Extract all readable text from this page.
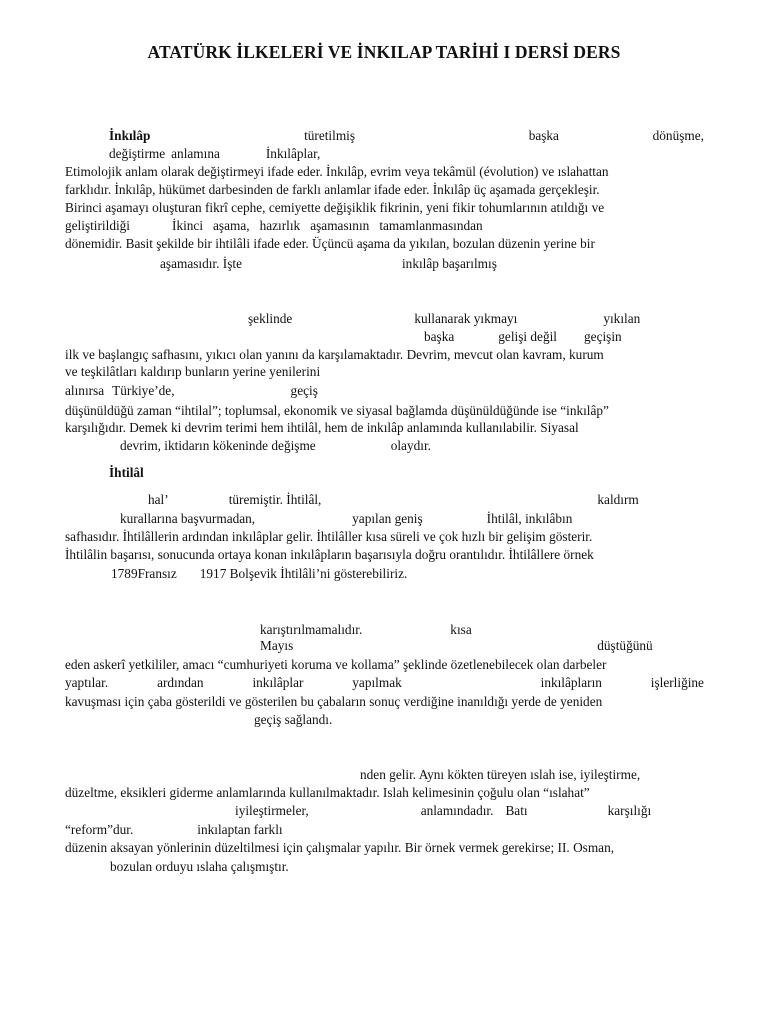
ATATÜRK İLKELERİ VE İNKILAP TARİHİ I DERSİ DERS
İnkılâp	türetilmiş	başka	dönüşme,
değiştirme anlamına	İnkılâplar,
Etimolojik anlam olarak değiştirmeyi ifade eder. İnkılâp, evrim veya tekâmül (évolution) ve ıslahattan
farklıdır. İnkılâp, hükümet darbesinden de farklı anlamlar ifade eder. İnkılâp üç aşamada gerçekleşir.
Birinci aşamayı oluşturan fikrî cephe, cemiyette değişiklik fikrinin, yeni fikir tohumlarının atıldığı ve
geliştirildiği	İkinci aşama, hazırlık aşamasının tamamlanmasından
dönemidir. Basit şekilde bir ihtilâli ifade eder. Üçüncü aşama da yıkılan, bozulan düzenin yerine bir
aşamasıdır. İşte	inkılâp başarılmış
şeklinde	kullanarak yıkmayı	yıkılan
başka	gelişi değil geçişin
ilk ve başlangıç safhasını, yıkıcı olan yanını da karşılamaktadır. Devrim, mevcut olan kavram, kurum
ve teşkilâtları kaldırıp bunların yerine yenilerini
alınırsa Türkiye’de,	geçiş
düşünüldüğü zaman “ihtilal”; toplumsal, ekonomik ve siyasal bağlamda düşünüldüğünde ise “inkılâp”
karşılığıdır. Demek ki devrim terimi hem ihtilâl, hem de inkılâp anlamında kullanılabilir. Siyasal
devrim, iktidarın kökeninde değişme	olaydır.
İhtilâl
hal’	türemiştir. İhtilâl,	kaldırm
kurallarına başvurmadan,	yapılan geniş	İhtilâl, inkılâbın
safhasıdır. İhtilâllerin ardından inkılâplar gelir. İhtilâller kısa süreli ve çok hızlı bir gelişim gösterir.
İhtilâlin başarısı, sonucunda ortaya konan inkılâpların başarısıyla doğru orantılıdır. İhtilâllere örnek
1789Fransız 1917 Bolşevik İhtilâli’ni gösterebiliriz.
karıştırılmamalıdır.	kısa
Mayıs	düştüğünü
eden askerî yetkililer, amacı “cumhuriyeti koruma ve kollama” şeklinde özetlenebilecek olan darbeler
yaptılar.	ardından	inkılâplar	yapılmak	inkılâpların	işlerliğine
kavuşması için çaba gösterildi ve gösterilen bu çabaların sonuç verdiğine inanıldığı yerde de yeniden
geçiş sağlandı.
nden gelir. Aynı kökten türeyen ıslah ise, iyileştirme,
düzeltme, eksikleri giderme anlamlarında kullanılmaktadır. Islah kelimesinin çoğulu olan “ıslahat”
iyileştirmeler,	anlamındadır. Batı	karşılığı
“reform”dur.	inkılaptan farklı
düzenin aksayan yönlerinin düzeltilmesi için çalışmalar yapılır. Bir örnek vermek gerekirse; II. Osman,
bozulan orduyu ıslaha çalışmıştır.
